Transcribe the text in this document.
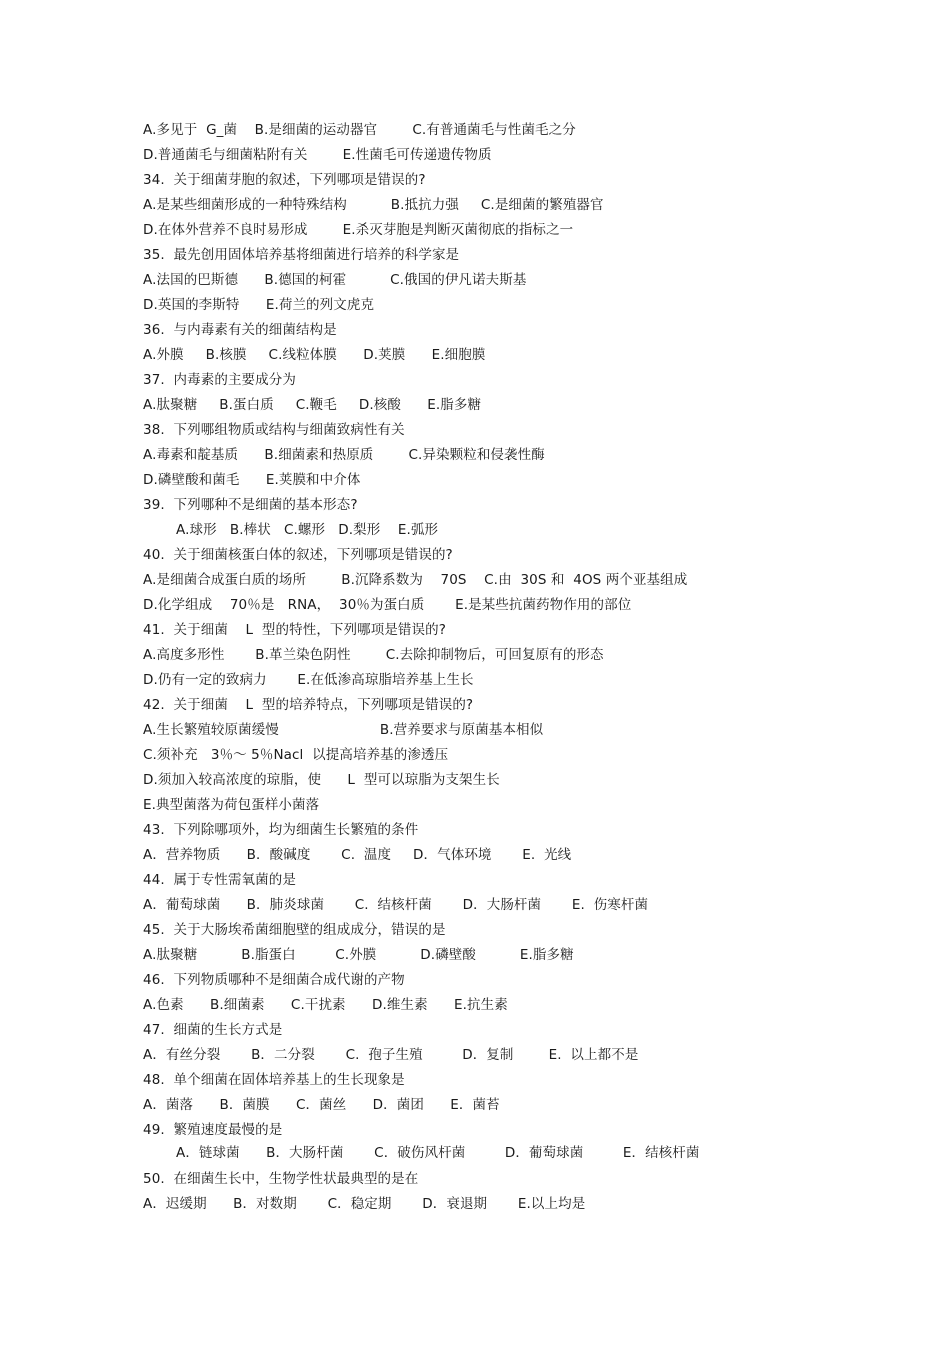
A.多见于  G_菌    B.是细菌的运动器官        C.有普通菌毛与性菌毛之分
D.普通菌毛与细菌粘附有关        E.性菌毛可传递遗传物质
34.  关于细菌芽胞的叙述，下列哪项是错误的?
A.是某些细菌形成的一种特殊结构          B.抵抗力强     C.是细菌的繁殖器官
D.在体外营养不良时易形成        E.杀灭芽胞是判断灭菌彻底的指标之一
35.  最先创用固体培养基将细菌进行培养的科学家是
A.法国的巴斯德      B.德国的柯霍          C.俄国的伊凡诺夫斯基
D.英国的李斯特      E.荷兰的列文虎克
36.  与内毒素有关的细菌结构是
A.外膜     B.核膜     C.线粒体膜      D.荚膜      E.细胞膜
37.  内毒素的主要成分为
A.肽聚糖     B.蛋白质     C.鞭毛     D.核酸      E.脂多糖
38.  下列哪组物质或结构与细菌致病性有关
A.毒素和靛基质      B.细菌素和热原质        C.异染颗粒和侵袭性酶
D.磷壁酸和菌毛      E.荚膜和中介体
39.  下列哪种不是细菌的基本形态?
A.球形   B.棒状   C.螺形   D.梨形    E.弧形
40.  关于细菌核蛋白体的叙述，下列哪项是错误的?
A.是细菌合成蛋白质的场所        B.沉降系数为    70S    C.由  30S 和  4OS 两个亚基组成
D.化学组成    70％是   RNA，  30％为蛋白质       E.是某些抗菌药物作用的部位
41.  关于细菌    L  型的特性，下列哪项是错误的?
A.高度多形性       B.革兰染色阴性        C.去除抑制物后，可回复原有的形态
D.仍有一定的致病力       E.在低渗高琼脂培养基上生长
42.  关于细菌    L  型的培养特点，下列哪项是错误的?
A.生长繁殖较原菌缓慢                       B.营养要求与原菌基本相似
C.须补充   3％～ 5％Nacl  以提高培养基的渗透压
D.须加入较高浓度的琼脂，使      L  型可以琼脂为支架生长
E.典型菌落为荷包蛋样小菌落
43.  下列除哪项外，均为细菌生长繁殖的条件
A．营养物质      B．酸碱度       C.  温度     D．气体环境       E.  光线
44.  属于专性需氧菌的是
A．葡萄球菌      B．肺炎球菌       C.  结核杆菌       D．大肠杆菌       E.  伤寒杆菌
45.  关于大肠埃希菌细胞壁的组成成分，错误的是
A.肽聚糖          B.脂蛋白         C.外膜          D.磷壁酸          E.脂多糖
46.  下列物质哪种不是细菌合成代谢的产物
A.色素      B.细菌素      C.干扰素      D.维生素      E.抗生素
47.  细菌的生长方式是
A．有丝分裂       B．二分裂       C.  孢子生殖         D．复制        E.  以上都不是
48.  单个细菌在固体培养基上的生长现象是
A．菌落      B．菌膜      C．菌丝      D．菌团      E．菌苔
49.  繁殖速度最慢的是
A．链球菌      B．大肠杆菌       C．破伤风杆菌         D．葡萄球菌         E．结核杆菌
50.  在细菌生长中，生物学性状最典型的是在
A．迟缓期      B．对数期       C．稳定期       D．衰退期       E.以上均是
